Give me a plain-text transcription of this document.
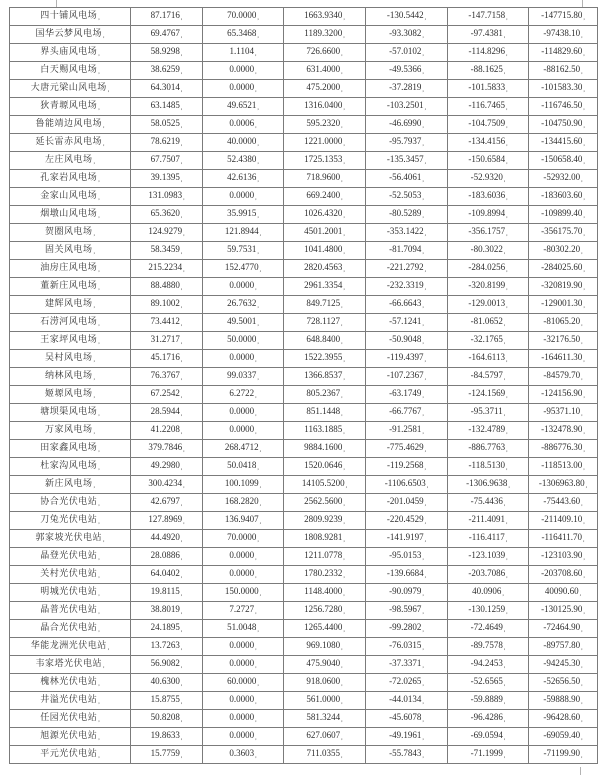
四十铺风电场,	87.1716,	70.0000,	1663.9340,	-130.5442,	-147.7158,	-147715.80,
国华云梦风电场,	69.4767,	65.3468,	1189.3200,	-93.3082,	-97.4381,	-97438.10,
界头庙风电场,	58.9298,	1.1104,	726.6600,	-57.0102,	-114.8296,	-114829.60,
白天赐风电场,	38.6259,	0.0000,	631.4000,	-49.5366,	-88.1625,	-88162.50,
大唐元梁山风电场,	64.3014,	0.0000,	475.2000,	-37.2819,	-101.5833,	-101583.30,
狄青塬风电场,	63.1485,	49.6521,	1316.0400,	-103.2501,	-116.7465,	-116746.50,
鲁能靖边风电场,	58.0525,	0.0006,	595.2320,	-46.6990,	-104.7509,	-104750.90,
延长雷赤风电场,	78.6219,	40.0000,	1221.0000,	-95.7937,	-134.4156,	-134415.60,
左庄风电场,	67.7507,	52.4380,	1725.1353,	-135.3457,	-150.6584,	-150658.40,
孔家岩风电场,	39.1395,	42.6136,	718.9600,	-56.4061,	-52.9320,	-52932.00,
金家山风电场,	131.0983,	0.0000,	669.2400,	-52.5053,	-183.6036,	-183603.60,
烟墩山风电场,	65.3620,	35.9915,	1026.4320,	-80.5289,	-109.8994,	-109899.40,
贺圈风电场,	124.9279,	121.8944,	4501.2001,	-353.1422,	-356.1757,	-356175.70,
固关风电场,	58.3459,	59.7531,	1041.4800,	-81.7094,	-80.3022,	-80302.20,
油房庄风电场,	215.2234,	152.4770,	2820.4563,	-221.2792,	-284.0256,	-284025.60,
董新庄风电场,	88.4880,	0.0000,	2961.3354,	-232.3319,	-320.8199,	-320819.90,
建辉风电场,	89.1002,	26.7632,	849.7125,	-66.6643,	-129.0013,	-129001.30,
石涝河风电场,	73.4412,	49.5001,	728.1127,	-57.1241,	-81.0652,	-81065.20,
王家坪风电场,	31.2717,	50.0000,	648.8400,	-50.9048,	-32.1765,	-32176.50,
吴村风电场,	45.1716,	0.0000,	1522.3955,	-119.4397,	-164.6113,	-164611.30,
纳林风电场,	76.3767,	99.0337,	1366.8537,	-107.2367,	-84.5797,	-84579.70,
姬塬风电场,	67.2542,	6.2722,	805.2367,	-63.1749,	-124.1569,	-124156.90,
塘坝渠风电场,	28.5944,	0.0000,	851.1448,	-66.7767,	-95.3711,	-95371.10,
万家风电场,	41.2208,	0.0000,	1163.1885,	-91.2581,	-132.4789,	-132478.90,
田家鑫风电场,	379.7846,	268.4712,	9884.1600,	-775.4629,	-886.7763,	-886776.30,
杜家沟风电场,	49.2980,	50.0418,	1520.0646,	-119.2568,	-118.5130,	-118513.00,
新庄风电场,	300.4234,	100.1099,	14105.5200,	-1106.6503,	-1306.9638,	-1306963.80,
协合光伏电站,	42.6797,	168.2820,	2562.5600,	-201.0459,	-75.4436,	-75443.60,
刀兔光伏电站,	127.8969,	136.9407,	2809.9239,	-220.4529,	-211.4091,	-211409.10,
郭家坡光伏电站,	44.4920,	70.0000,	1808.9281,	-141.9197,	-116.4117,	-116411.70,
晶登光伏电站,	28.0886,	0.0000,	1211.0778,	-95.0153,	-123.1039,	-123103.90,
关村光伏电站,	64.0402,	0.0000,	1780.2332,	-139.6684,	-203.7086,	-203708.60,
明城光伏电站,	19.8115,	150.0000,	1148.4000,	-90.0979,	40.0906,	40090.60,
晶普光伏电站,	38.8019,	7.2727,	1256.7280,	-98.5967,	-130.1259,	-130125.90,
晶合光伏电站,	24.1895,	51.0048,	1265.4400,	-99.2802,	-72.4649,	-72464.90,
华能龙洲光伏电站,	13.7263,	0.0000,	969.1080,	-76.0315,	-89.7578,	-89757.80,
韦家塔光伏电站,	56.9082,	0.0000,	475.9040,	-37.3371,	-94.2453,	-94245.30,
槐林光伏电站,	40.6300,	60.0000,	918.0600,	-72.0265,	-52.6565,	-52656.50,
井溢光伏电站,	15.8755,	0.0000,	561.0000,	-44.0134,	-59.8889,	-59888.90,
任园光伏电站,	50.8208,	0.0000,	581.3244,	-45.6078,	-96.4286,	-96428.60,
旭源光伏电站,	19.8633,	0.0000,	627.0607,	-49.1961,	-69.0594,	-69059.40,
平元光伏电站,	15.7759,	0.3603,	711.0355,	-55.7843,	-71.1999,	-71199.90,
